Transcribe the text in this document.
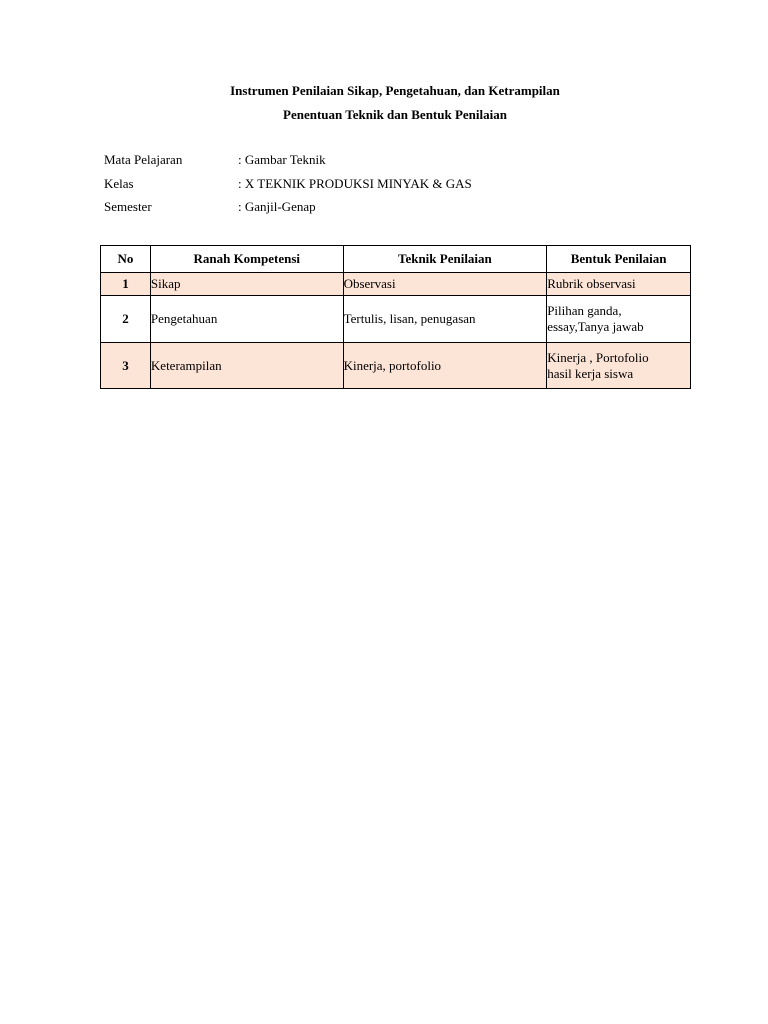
Instrumen Penilaian Sikap, Pengetahuan, dan Ketrampilan
Penentuan Teknik dan Bentuk Penilaian
Mata Pelajaran	: Gambar Teknik
Kelas	: X TEKNIK PRODUKSI MINYAK & GAS
Semester	: Ganjil-Genap
No	Ranah Kompetensi	Teknik Penilaian	Bentuk Penilaian
1	Sikap	Observasi	Rubrik observasi
2	Pengetahuan	Tertulis, lisan, penugasan	Pilihan ganda,
essay,Tanya jawab
3	Keterampilan	Kinerja, portofolio	Kinerja , Portofolio
hasil kerja siswa
